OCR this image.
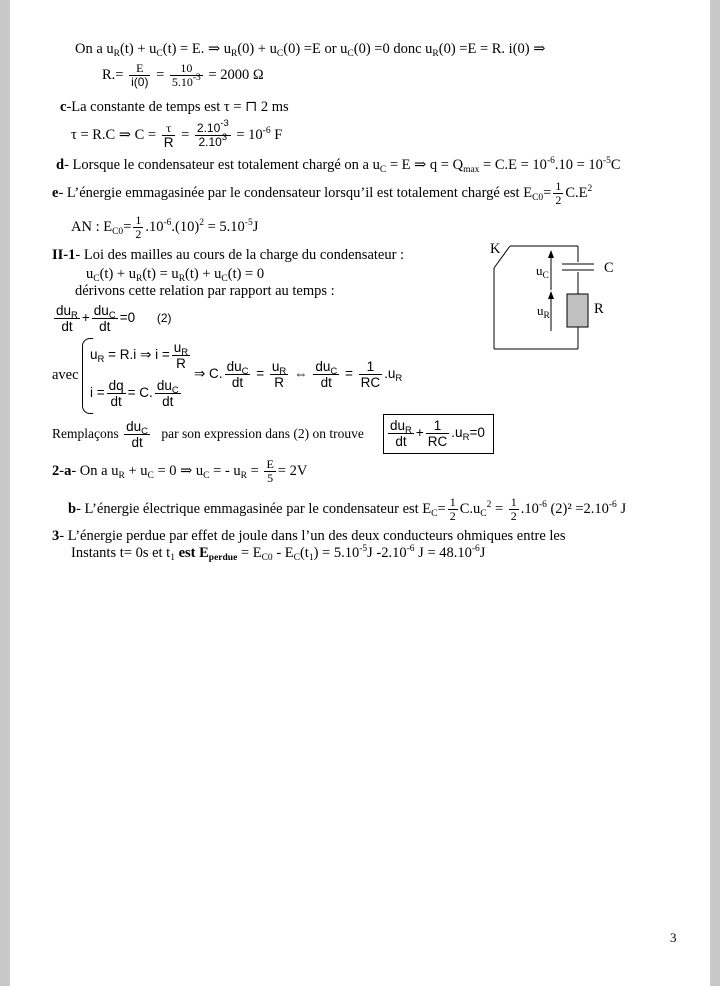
On a $u_R(t) + u_C(t) = E$. ⇒ $u_R(0) + u_C(0) =E$ or $u_C(0) =0$ donc $u_R(0) =E = R$. i(0) ⇒
$R.= \frac{E}{i(0)} = \frac{10}{5.10^{-3}} = 2000$ Ω
c-La constante de temps est τ = ⊓ 2 ms
τ = R.C ⇒ $C = \frac{\tau}{R} = \frac{2.10^{-3}}{2.10^3} = 10^{-6}$ F
d- Lorsque le condensateur est totalement chargé on a $u_C = E$ ⇒ $q = Q_{max} = C.E = 10^{-6}.10 = 10^{-5}C$
e- L’énergie emmagasinée par le condensateur lorsqu’il est totalement chargé est $E_{C0}= \frac{1}{2} C.E^2$
AN : $E_{C0}= \frac{1}{2} .10^{-6}.(10)^2 = 5.10^{-5}J$
II-1- Loi des mailles au cours de la charge du condensateur :
$u_C(t) + u_R(t) = u_R(t) + u_C(t) = 0$
dérivons cette relation par rapport au temps :
$du_R$
dt
+ $du_C$
dt
=0 (2)
avec
$u_R = R.i$ ⇒ $i = \frac{u_R}{R}$
$i = \frac{dq}{dt} = C$. $du_C$
dt
⇒ C. $du_C$
dt
= $\frac{u_R}{R}$ ⇔ $du_C$
dt
= $\frac{1}{RC} .u_R$
Remplaçons $du_C$
dt
par son expression dans (2) on trouve
$du_R$
dt
+ $\frac{1}{RC} .u_R=0$
2-a- On a $u_R + u_C = 0$ ⇒ $u_C$ = - $u_R = \frac{E}{5} = 2V$
b- L’énergie électrique emmagasinée par le condensateur est $E_C= \frac{1}{2} C.u_C^2 = \frac{1}{2} .10^{-6}$ $(2)^2 =2.10^{-6}$ J
3- L’énergie perdue par effet de joule dans l’un des deux conducteurs ohmiques entre les
Instants t= 0s et $t_1$ est $E_{perdue} = E_{C0} - E_C(t_1) = 5.10^{-5}J$ $-2.10^{-6}$ $J = 48.10^{-6}J$
K
C
R
$u_C$
$u_R$
3
